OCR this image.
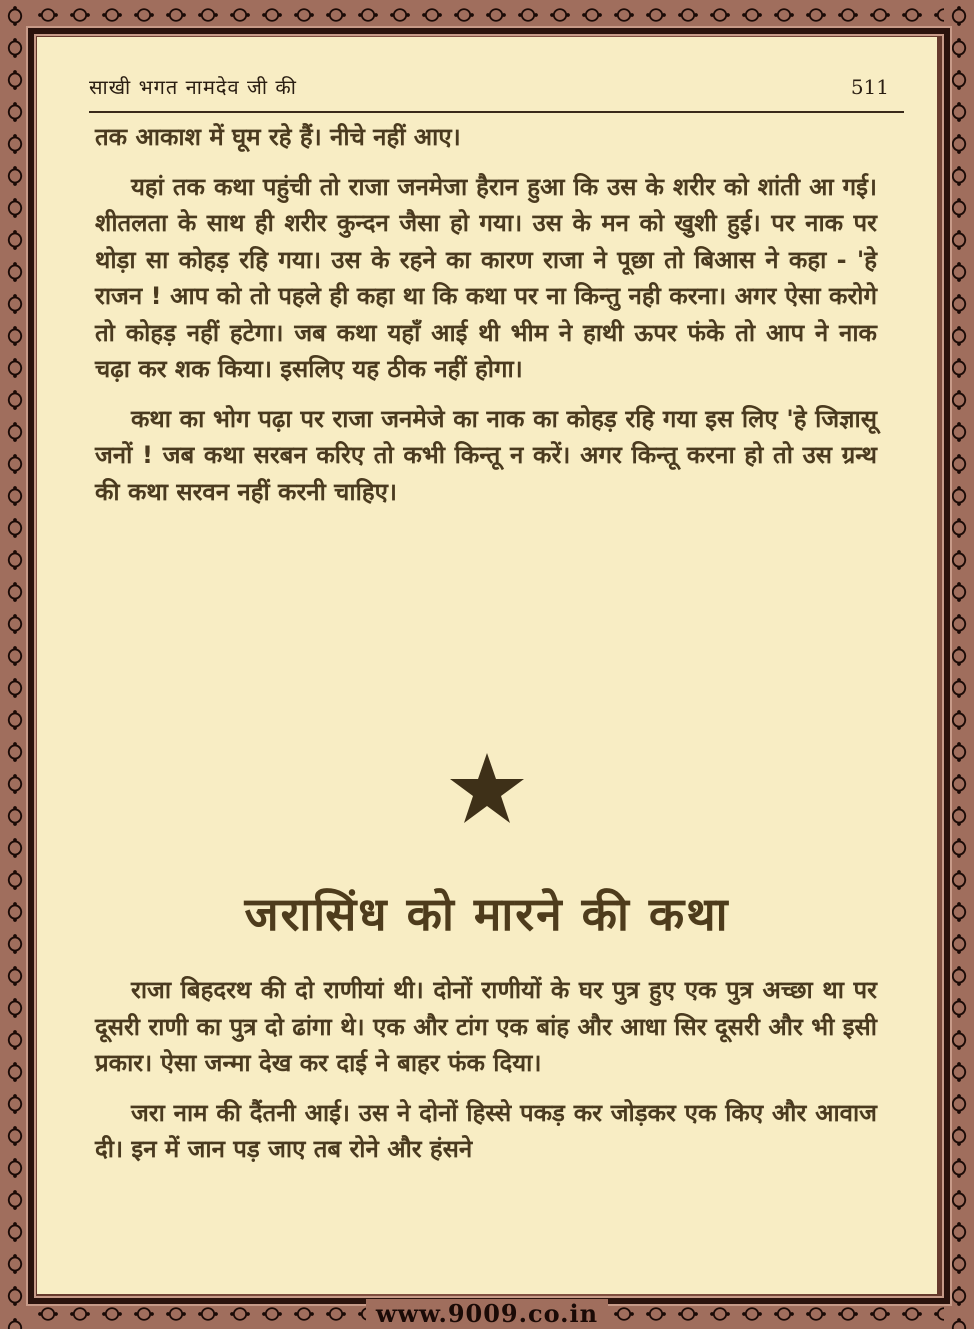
साखी भगत नामदेव जी की	511

तक आकाश में घूम रहे हैं। नीचे नहीं आए।

यहां तक कथा पहुंची तो राजा जनमेजा हैरान हुआ कि उस के शरीर को शांती आ गई। शीतलता के साथ ही शरीर कुन्दन जैसा हो गया। उस के मन को खुशी हुई। पर नाक पर थोड़ा सा कोहड़ रहि गया। उस के रहने का कारण राजा ने पूछा तो बिआस ने कहा - 'हे राजन ! आप को तो पहले ही कहा था कि कथा पर ना किन्तु नही करना। अगर ऐसा करोगे तो कोहड़ नहीं हटेगा। जब कथा यहाँ आई थी भीम ने हाथी ऊपर फंके तो आप ने नाक चढ़ा कर शक किया। इसलिए यह ठीक नहीं होगा।

कथा का भोग पढ़ा पर राजा जनमेजे का नाक का कोहड़ रहि गया इस लिए 'हे जिज्ञासू जनों ! जब कथा सरबन करिए तो कभी किन्तू न करें। अगर किन्तू करना हो तो उस ग्रन्थ की कथा सरवन नहीं करनी चाहिए।

जरासिंध को मारने की कथा

राजा बिहदरथ की दो राणीयां थी। दोनों राणीयों के घर पुत्र हुए एक पुत्र अच्छा था पर दूसरी राणी का पुत्र दो ढांगा थे। एक और टांग एक बांह और आधा सिर दूसरी और भी इसी प्रकार। ऐसा जन्मा देख कर दाई ने बाहर फंक दिया।

जरा नाम की दैंतनी आई। उस ने दोनों हिस्से पकड़ कर जोड़कर एक किए और आवाज दी। इन में जान पड़ जाए तब रोने और हंसने

www.9009.co.in
